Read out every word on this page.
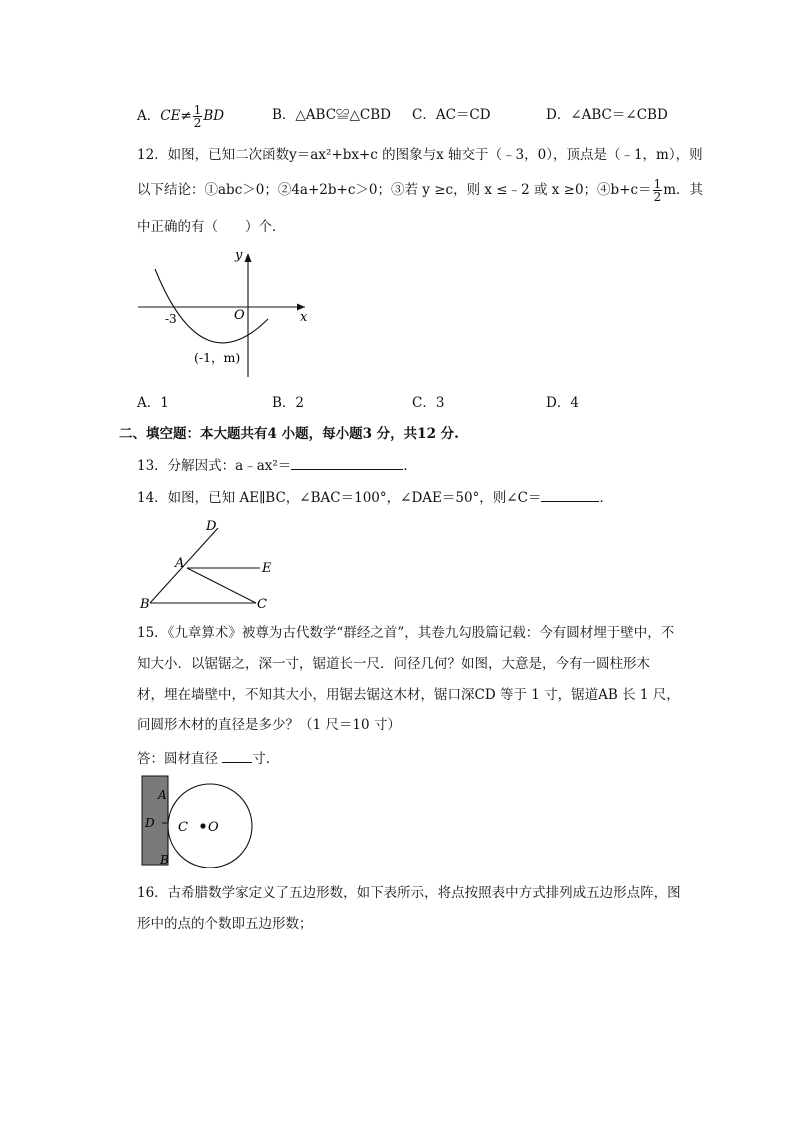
A．$CE\ne \frac{1}{2}$ BD	B．△ABC≌△CBD C．AC＝CD	D．∠ABC＝∠CBD
12．如图，已知二次函数y＝ax²+bx+c 的图象与x 轴交于（﹣3，0），顶点是（﹣1，m），则
以下结论：①abc＞0；②4a+2b+c＞0；③若 y ≥c，则 x ≤﹣2 或 x ≥0；④b+c＝ $\frac{1}{2}$ m．其
中正确的有（　　）个．
y
x
O
-3
(-1，m)
A．1	B．2	C．3	D．4
二、填空题：本大题共有4 小题，每小题3 分，共12 分.
13．分解因式：a﹣ax²＝	．
14．如图，已知 AE∥BC，∠BAC＝100°，∠DAE＝50°，则∠C＝	．
D
A	E
B	C
15．《九章算术》被尊为古代数学“群经之首”，其卷九勾股篇记载：今有圆材埋于壁中，不
知大小．以锯锯之，深一寸，锯道长一尺．问径几何？如图，大意是，今有一圆柱形木
材，埋在墙壁中，不知其大小，用锯去锯这木材，锯口深CD 等于 1 寸，锯道AB 长 1 尺，
问圆形木材的直径是多少？（1 尺＝10 寸）
答：圆材直径	寸．
A
D C O
B
16．古希腊数学家定义了五边形数，如下表所示，将点按照表中方式排列成五边形点阵，图
形中的点的个数即五边形数；
